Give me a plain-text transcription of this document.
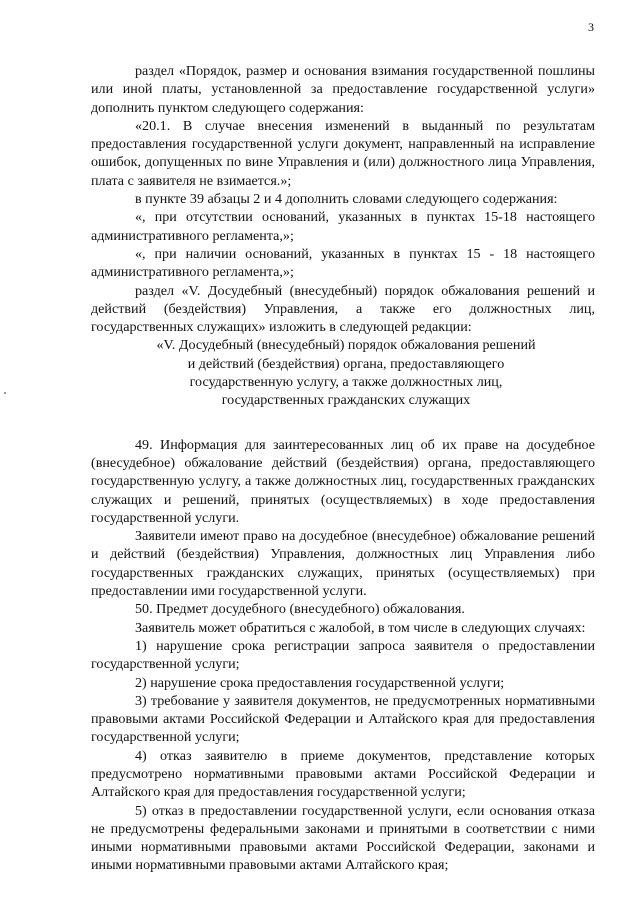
3

раздел «Порядок, размер и основания взимания государственной пошлины или иной платы, установленной за предоставление государственной услуги» дополнить пунктом следующего содержания:

«20.1. В случае внесения изменений в выданный по результатам предоставления государственной услуги документ, направленный на исправление ошибок, допущенных по вине Управления и (или) должностного лица Управления, плата с заявителя не взимается.»;

в пункте 39 абзацы 2 и 4 дополнить словами следующего содержания:

«, при отсутствии оснований, указанных в пунктах 15-18 настоящего административного регламента,»;

«, при наличии оснований, указанных в пунктах 15 - 18 настоящего административного регламента,»;

раздел «V. Досудебный (внесудебный) порядок обжалования решений и действий (бездействия) Управления, а также его должностных лиц, государственных служащих» изложить в следующей редакции:

«V. Досудебный (внесудебный) порядок обжалования решений
и действий (бездействия) органа, предоставляющего
государственную услугу, а также должностных лиц,
государственных гражданских служащих

49. Информация для заинтересованных лиц об их праве на досудебное (внесудебное) обжалование действий (бездействия) органа, предоставляющего государственную услугу, а также должностных лиц, государственных гражданских служащих и решений, принятых (осуществляемых) в ходе предоставления государственной услуги.

Заявители имеют право на досудебное (внесудебное) обжалование решений и действий (бездействия) Управления, должностных лиц Управления либо государственных гражданских служащих, принятых (осуществляемых) при предоставлении ими государственной услуги.

50. Предмет досудебного (внесудебного) обжалования.

Заявитель может обратиться с жалобой, в том числе в следующих случаях:

1) нарушение срока регистрации запроса заявителя о предоставлении государственной услуги;

2) нарушение срока предоставления государственной услуги;

3) требование у заявителя документов, не предусмотренных нормативными правовыми актами Российской Федерации и Алтайского края для предоставления государственной услуги;

4) отказ заявителю в приеме документов, представление которых предусмотрено нормативными правовыми актами Российской Федерации и Алтайского края для предоставления государственной услуги;

5) отказ в предоставлении государственной услуги, если основания отказа не предусмотрены федеральными законами и принятыми в соответствии с ними иными нормативными правовыми актами Российской Федерации, законами и иными нормативными правовыми актами Алтайского края;
